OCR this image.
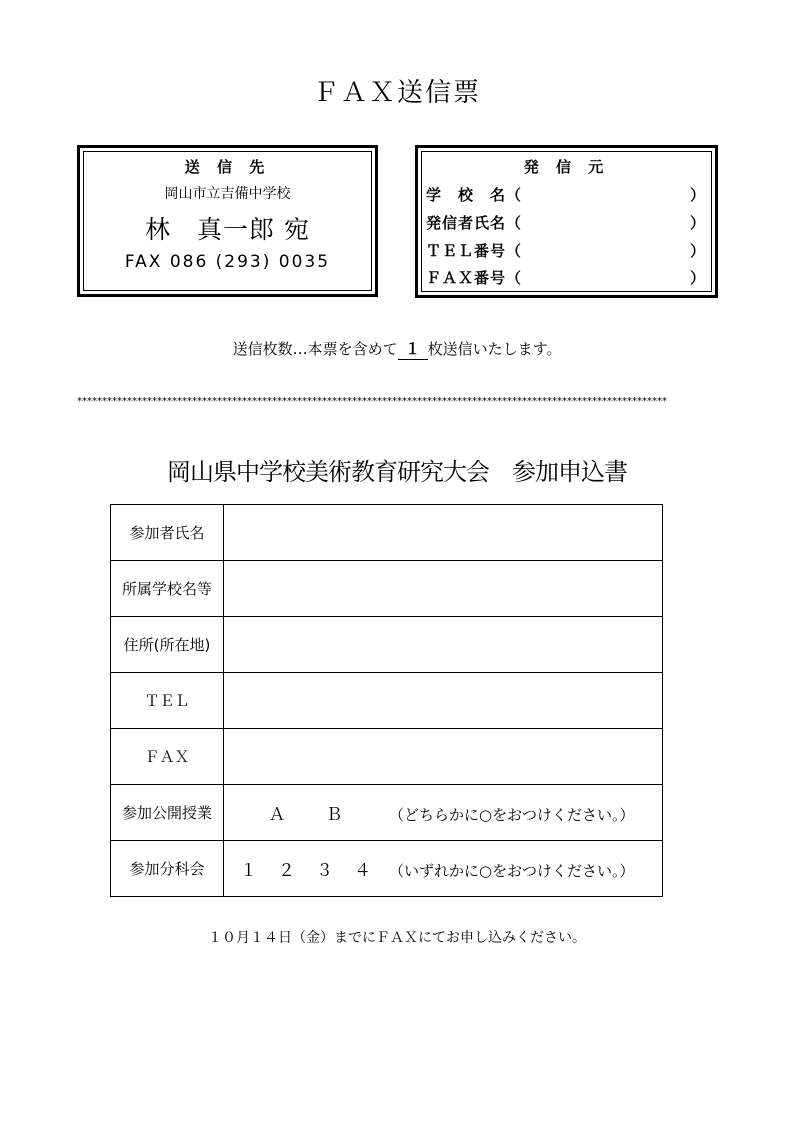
ＦＡＸ送信票
送 信 先
岡山市立吉備中学校
林　真一郎 宛
FAX 086 (293) 0035
発 信 元
学　校　名（	）
発信者氏名（	）
ＴＥＬ番号（	）
ＦＡＸ番号（	）
送信枚数…本票を含めて １ 枚送信いたします。
**********************************************************************************************************************
岡山県中学校美術教育研究大会　参加申込書
参加者氏名	
所属学校名等	
住所(所在地)	
ＴＥＬ	
ＦＡＸ	
参加公開授業	Ａ　　Ｂ （どちらかに○をおつけください。）
参加分科会	１　２　３　４ （いずれかに○をおつけください。）
１０月１４日（金）までにＦＡＸにてお申し込みください。
